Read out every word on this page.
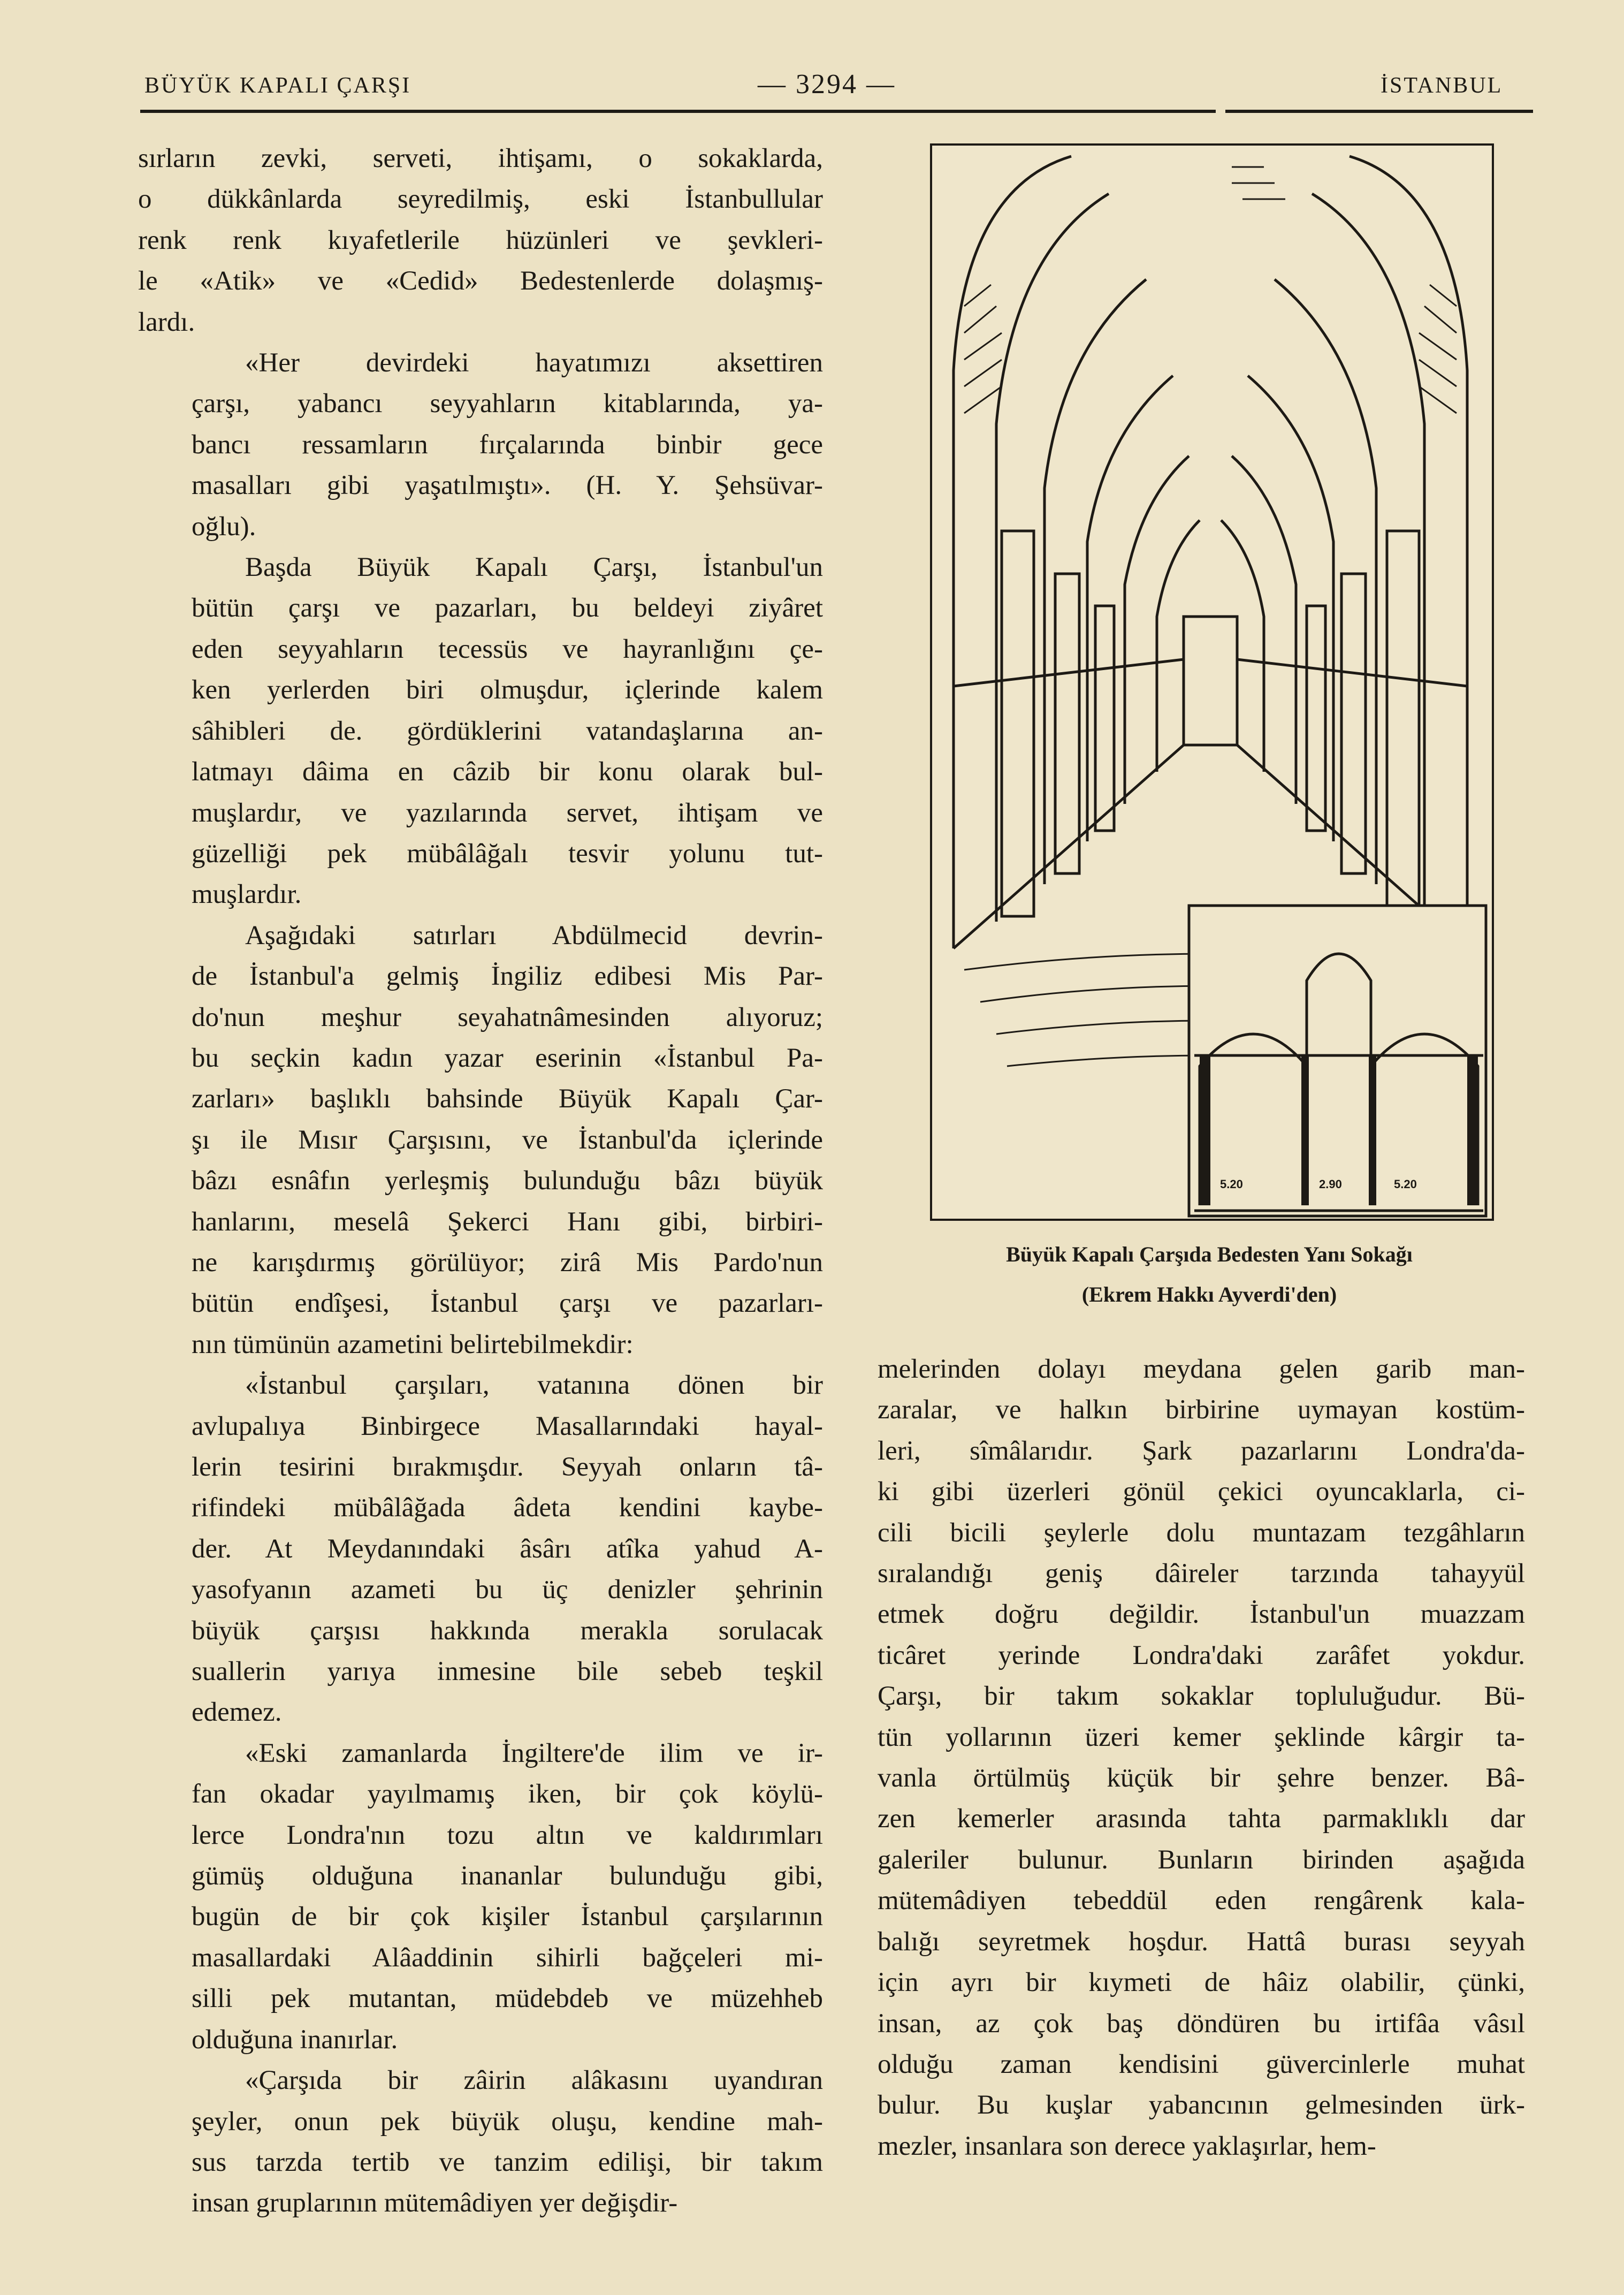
BÜYÜK KAPALI ÇARŞI	— 3294 —	İSTANBUL

sırların zevki, serveti, ihtişamı, o sokaklarda,
o dükkânlarda seyredilmiş, eski İstanbullular
renk renk kıyafetlerile hüzünleri ve şevkleri-
le «Atik» ve «Cedid» Bedestenlerde dolaşmış-
lardı.

«Her devirdeki hayatımızı aksettiren
çarşı, yabancı seyyahların kitablarında, ya-
bancı ressamların fırçalarında binbir gece
masalları gibi yaşatılmıştı». (H. Y. Şehsüvar-
oğlu).

Başda Büyük Kapalı Çarşı, İstanbul'un
bütün çarşı ve pazarları, bu beldeyi ziyâret
eden seyyahların tecessüs ve hayranlığını çe-
ken yerlerden biri olmuşdur, içlerinde kalem
sâhibleri de. gördüklerini vatandaşlarına an-
latmayı dâima en câzib bir konu olarak bul-
muşlardır, ve yazılarında servet, ihtişam ve
güzelliği pek mübâlâğalı tesvir yolunu tut-
muşlardır.

Aşağıdaki satırları Abdülmecid devrin-
de İstanbul'a gelmiş İngiliz edibesi Mis Par-
do'nun meşhur seyahatnâmesinden alıyoruz;
bu seçkin kadın yazar eserinin «İstanbul Pa-
zarları» başlıklı bahsinde Büyük Kapalı Çar-
şı ile Mısır Çarşısını, ve İstanbul'da içlerinde
bâzı esnâfın yerleşmiş bulunduğu bâzı büyük
hanlarını, meselâ Şekerci Hanı gibi, birbiri-
ne karışdırmış görülüyor; zirâ Mis Pardo'nun
bütün endîşesi, İstanbul çarşı ve pazarları-
nın tümünün azametini belirtebilmekdir:

«İstanbul çarşıları, vatanına dönen bir
avlupalıya Binbirgece Masallarındaki hayal-
lerin tesirini bırakmışdır. Seyyah onların tâ-
rifindeki mübâlâğada âdeta kendini kaybe-
der. At Meydanındaki âsârı atîka yahud A-
yasofyanın azameti bu üç denizler şehrinin
büyük çarşısı hakkında merakla sorulacak
suallerin yarıya inmesine bile sebeb teşkil
edemez.

«Eski zamanlarda İngiltere'de ilim ve ir-
fan okadar yayılmamış iken, bir çok köylü-
lerce Londra'nın tozu altın ve kaldırımları
gümüş olduğuna inananlar bulunduğu gibi,
bugün de bir çok kişiler İstanbul çarşılarının
masallardaki Alâaddinin sihirli bağçeleri mi-
silli pek mutantan, müdebdeb ve müzehheb
olduğuna inanırlar.

«Çarşıda bir zâirin alâkasını uyandıran
şeyler, onun pek büyük oluşu, kendine mah-
sus tarzda tertib ve tanzim edilişi, bir takım
insan gruplarının mütemâdiyen yer değişdir-

5.20	2.90	5.20
Büyük Kapalı Çarşıda Bedesten Yanı Sokağı
(Ekrem Hakkı Ayverdi'den)

melerinden dolayı meydana gelen garib man-
zaralar, ve halkın birbirine uymayan kostüm-
leri, sîmâlarıdır. Şark pazarlarını Londra'da-
ki gibi üzerleri gönül çekici oyuncaklarla, ci-
cili bicili şeylerle dolu muntazam tezgâhların
sıralandığı geniş dâireler tarzında tahayyül
etmek doğru değildir. İstanbul'un muazzam
ticâret yerinde Londra'daki zarâfet yokdur.
Çarşı, bir takım sokaklar topluluğudur. Bü-
tün yollarının üzeri kemer şeklinde kârgir ta-
vanla örtülmüş küçük bir şehre benzer. Bâ-
zen kemerler arasında tahta parmaklıklı dar
galeriler bulunur. Bunların birinden aşağıda
mütemâdiyen tebeddül eden rengârenk kala-
balığı seyretmek hoşdur. Hattâ burası seyyah
için ayrı bir kıymeti de hâiz olabilir, çünki,
insan, az çok baş döndüren bu irtifâa vâsıl
olduğu zaman kendisini güvercinlerle muhat
bulur. Bu kuşlar yabancının gelmesinden ürk-
mezler, insanlara son derece yaklaşırlar, hem-
